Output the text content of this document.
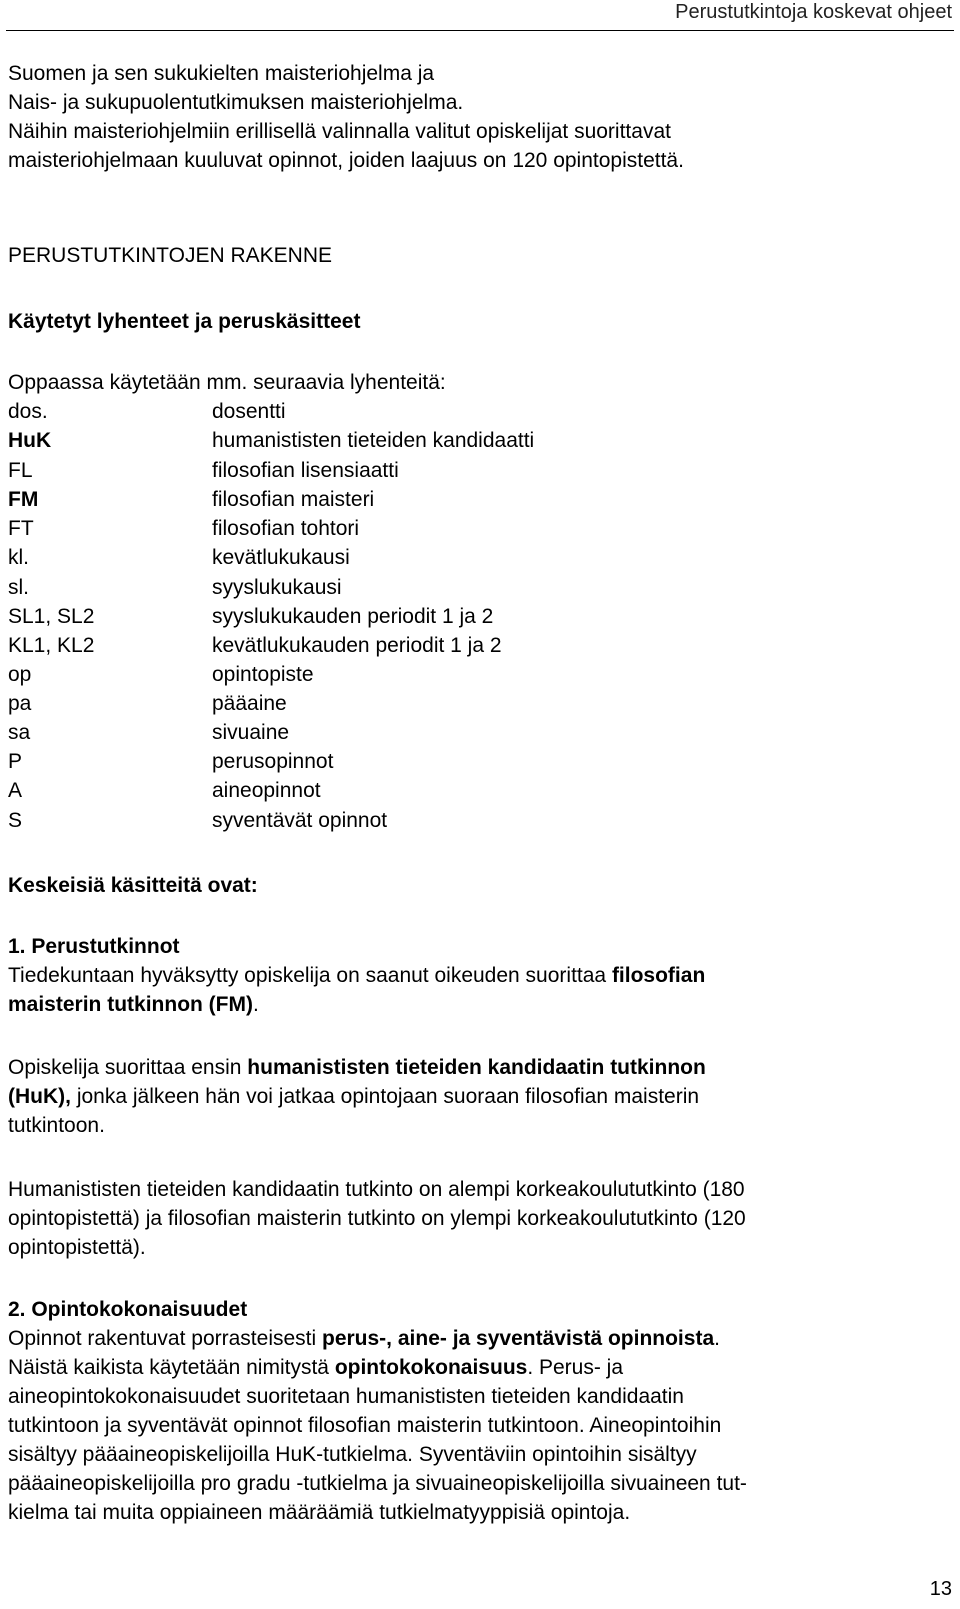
Perustutkintoja koskevat ohjeet
Suomen ja sen sukukielten maisteriohjelma ja
Nais- ja sukupuolentutkimuksen maisteriohjelma.
Näihin maisteriohjelmiin erillisellä valinnalla valitut opiskelijat suorittavat
maisteriohjelmaan kuuluvat opinnot, joiden laajuus on 120 opintopistettä.
PERUSTUTKINTOJEN RAKENNE
Käytetyt lyhenteet ja peruskäsitteet
Oppaassa käytetään mm. seuraavia lyhenteitä:
dos.	dosentti
HuK	humanististen tieteiden kandidaatti
FL	filosofian lisensiaatti
FM	filosofian maisteri
FT	filosofian tohtori
kl.	kevätlukukausi
sl.	syyslukukausi
SL1, SL2	syyslukukauden periodit 1 ja 2
KL1, KL2	kevätlukukauden periodit 1 ja 2
op	opintopiste
pa	pääaine
sa	sivuaine
P	perusopinnot
A	aineopinnot
S	syventävät opinnot
Keskeisiä käsitteitä ovat:
1. Perustutkinnot
Tiedekuntaan hyväksytty opiskelija on saanut oikeuden suorittaa filosofian
maisterin tutkinnon (FM).
Opiskelija suorittaa ensin humanististen tieteiden kandidaatin tutkinnon
(HuK), jonka jälkeen hän voi jatkaa opintojaan suoraan filosofian maisterin
tutkintoon.
Humanististen tieteiden kandidaatin tutkinto on alempi korkeakoulututkinto (180
opintopistettä) ja filosofian maisterin tutkinto on ylempi korkeakoulututkinto (120
opintopistettä).
2. Opintokokonaisuudet
Opinnot rakentuvat porrasteisesti perus-, aine- ja syventävistä opinnoista.
Näistä kaikista käytetään nimitystä opintokokonaisuus. Perus- ja
aineopintokokonaisuudet suoritetaan humanististen tieteiden kandidaatin
tutkintoon ja syventävät opinnot filosofian maisterin tutkintoon. Aineopintoihin
sisältyy pääaineopiskelijoilla HuK-tutkielma. Syventäviin opintoihin sisältyy
pääaineopiskelijoilla pro gradu -tutkielma ja sivuaineopiskelijoilla sivuaineen tut-
kielma tai muita oppiaineen määräämiä tutkielmatyyppisiä opintoja.
13
